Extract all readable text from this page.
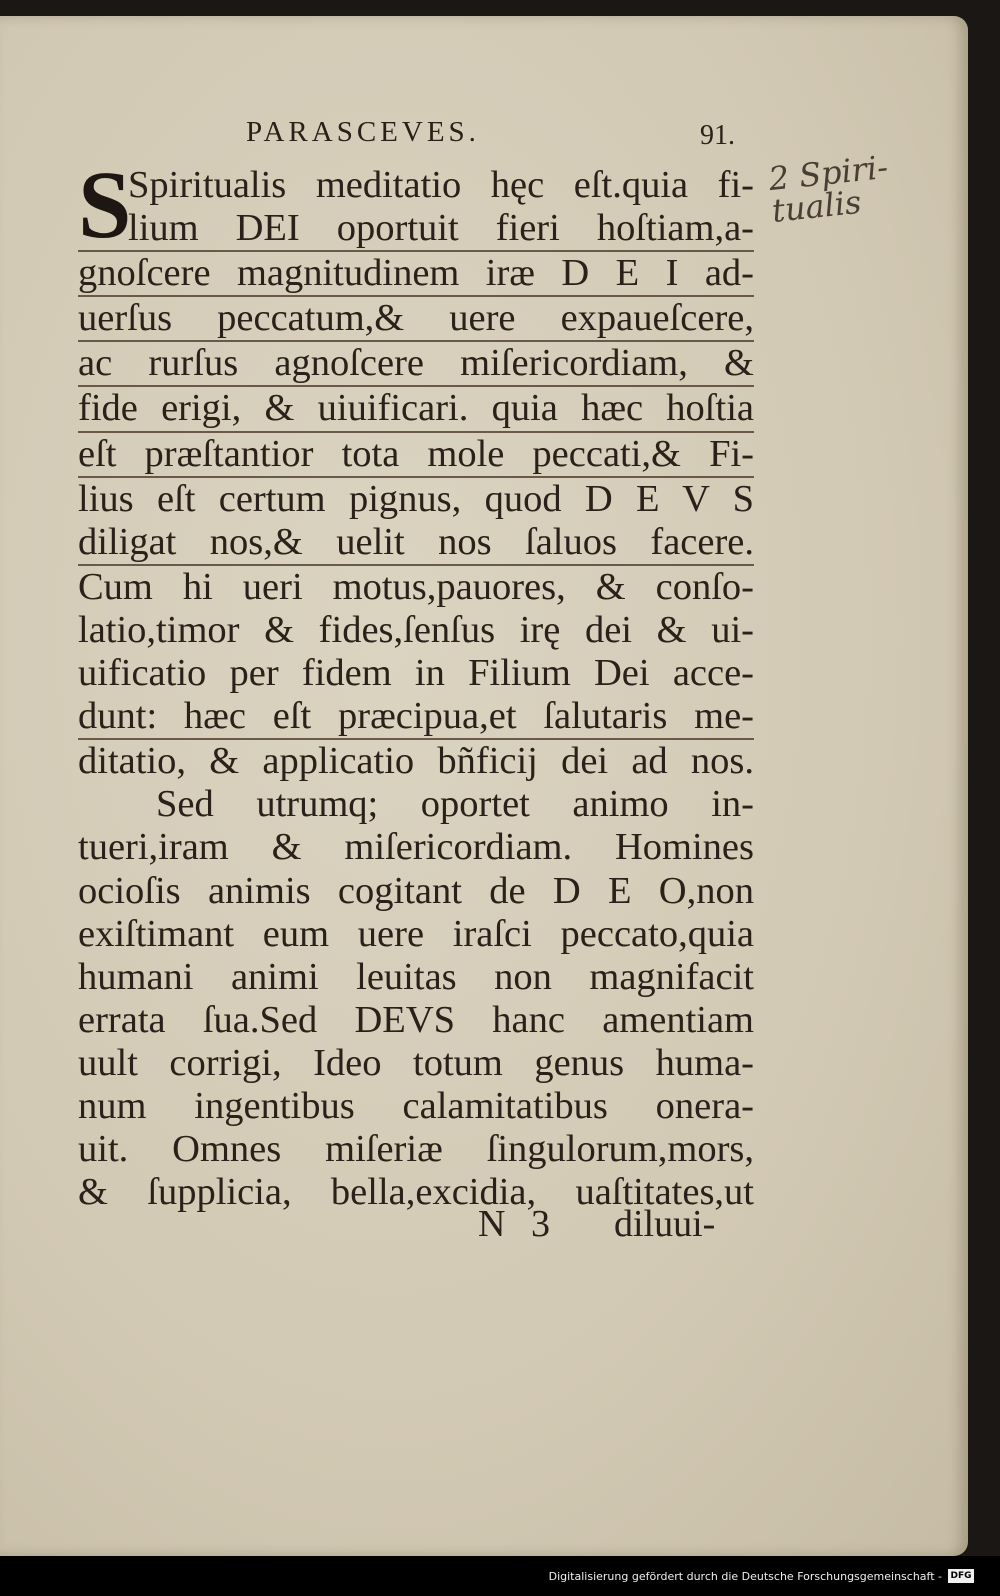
PARASCEVES.	91.
2 Spiri-tualis
S
Spiritualis meditatio hęc eſt.quia fi-
lium DEI oportuit fieri hoſtiam,a-
gnoſcere magnitudinem iræ D E I ad-
uerſus peccatum,& uere expaueſcere,
ac rurſus agnoſcere miſericordiam, &
fide erigi, & uiuificari. quia hæc hoſtia
eſt præſtantior tota mole peccati,& Fi-
lius eſt certum pignus, quod D E V S
diligat nos,& uelit nos ſaluos facere.
Cum hi ueri motus,pauores, & conſo-
latio,timor & fides,ſenſus irę dei & ui-
uificatio per fidem in Filium Dei acce-
dunt: hæc eſt præcipua,et ſalutaris me-
ditatio, & applicatio bñficij dei ad nos.
Sed utrumq; oportet animo in-
tueri,iram & miſericordiam. Homines
ocioſis animis cogitant de D E O,non
exiſtimant eum uere iraſci peccato,quia
humani animi leuitas non magnifacit
errata ſua.Sed DEVS hanc amentiam
uult corrigi, Ideo totum genus huma-
num ingentibus calamitatibus onera-
uit. Omnes miſeriæ ſingulorum,mors,
& ſupplicia, bella,excidia, uaſtitates,ut
N 3 diluui-
Digitalisierung gefördert durch die Deutsche Forschungsgemeinschaft - DFG
